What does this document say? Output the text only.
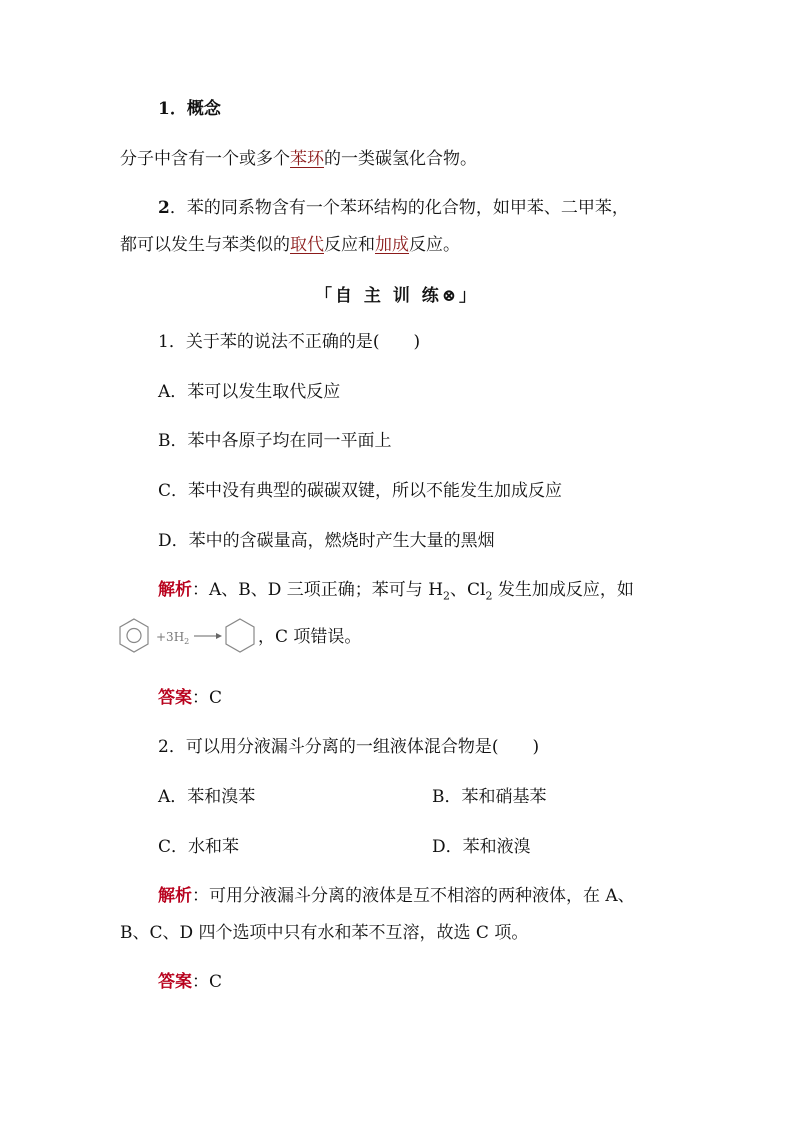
1．概念
分子中含有一个或多个苯环的一类碳氢化合物。
2．苯的同系物含有一个苯环结构的化合物，如甲苯、二甲苯，
都可以发生与苯类似的取代反应和加成反应。
「自 主 训 练⊗」
1．关于苯的说法不正确的是(　　)
A．苯可以发生取代反应
B．苯中各原子均在同一平面上
C．苯中没有典型的碳碳双键，所以不能发生加成反应
D．苯中的含碳量高，燃烧时产生大量的黑烟
解析：A、B、D 三项正确；苯可与 $H_2$、$Cl_2$ 发生加成反应，如
$+3H_2$	，C 项错误。
答案：C
2．可以用分液漏斗分离的一组液体混合物是(　　)
A．苯和溴苯	B．苯和硝基苯
C．水和苯	D．苯和液溴
解析：可用分液漏斗分离的液体是互不相溶的两种液体，在 A、
B、C、D 四个选项中只有水和苯不互溶，故选 C 项。
答案：C
